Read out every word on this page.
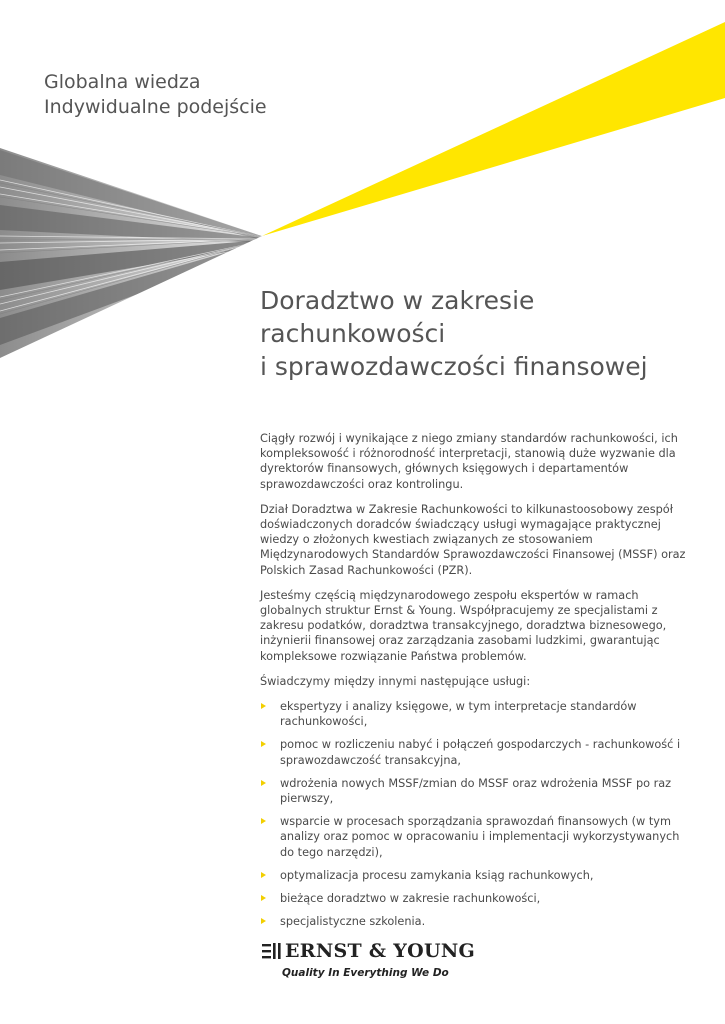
Globalna wiedza
Indywidualne podejście
Doradztwo w zakresie
rachunkowości
i sprawozdawczości finansowej

Ciągły rozwój i wynikające z niego zmiany standardów rachunkowości, ich kompleksowość i różnorodność interpretacji, stanowią duże wyzwanie dla dyrektorów finansowych, głównych księgowych i departamentów sprawozdawczości oraz kontrolingu.

Dział Doradztwa w Zakresie Rachunkowości to kilkunastoosobowy zespół doświadczonych doradców świadczący usługi wymagające praktycznej wiedzy o złożonych kwestiach związanych ze stosowaniem Międzynarodowych Standardów Sprawozdawczości Finansowej (MSSF) oraz Polskich Zasad Rachunkowości (PZR).

Jesteśmy częścią międzynarodowego zespołu ekspertów w ramach globalnych struktur Ernst & Young. Współpracujemy ze specjalistami z zakresu podatków, doradztwa transakcyjnego, doradztwa biznesowego, inżynierii finansowej oraz zarządzania zasobami ludzkimi, gwarantując kompleksowe rozwiązanie Państwa problemów.

Świadczymy między innymi następujące usługi:

ekspertyzy i analizy księgowe, w tym interpretacje standardów rachunkowości,
pomoc w rozliczeniu nabyć i połączeń gospodarczych - rachunkowość i sprawozdawczość transakcyjna,
wdrożenia nowych MSSF/zmian do MSSF oraz wdrożenia MSSF po raz pierwszy,
wsparcie w procesach sporządzania sprawozdań finansowych (w tym analizy oraz pomoc w opracowaniu i implementacji wykorzystywanych do tego narzędzi),
optymalizacja procesu zamykania ksiąg rachunkowych,
bieżące doradztwo w zakresie rachunkowości,
specjalistyczne szkolenia.
ERNST & YOUNG
Quality In Everything We Do
